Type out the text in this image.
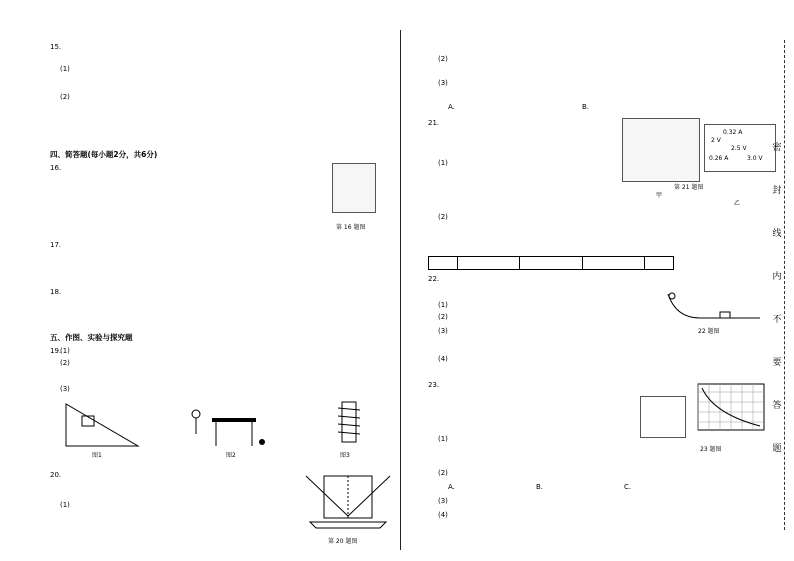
15.
(1)
(2)
四、简答题(每小题2分，共6分)
16.
第 16 题图
17.
18.
五、作图、实验与探究题
19.
(1)
(2)
(3)
图1	图2	图3
20.
(1)
第 20 题图
(2)
(3)
A.	B.
21.
甲
0.32 A
2 V
2.5 V
0.26 A	3.0 V
乙
第 21 题图
(1)
(2)
22.
(1)
(2)
(3)
(4)
22 题图
23.
23 题图
(1)
(2)
A.	B.	C.
(3)
(4)
密
封
线
内
不
要
答
题
